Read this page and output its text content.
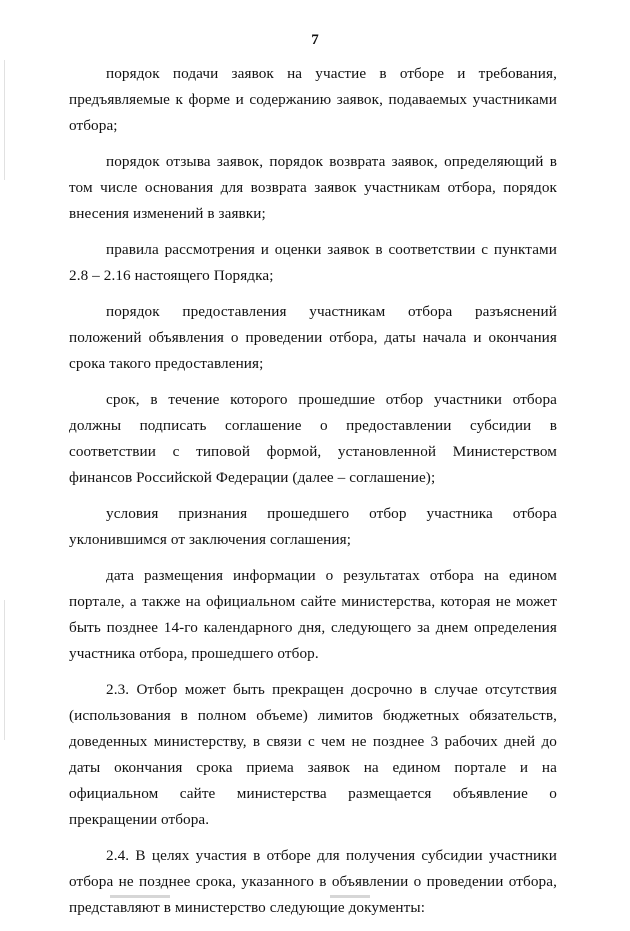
7

порядок подачи заявок на участие в отборе и требования, предъявляемые к форме и содержанию заявок, подаваемых участниками отбора;

порядок отзыва заявок, порядок возврата заявок, определяющий в том числе основания для возврата заявок участникам отбора, порядок внесения изменений в заявки;

правила рассмотрения и оценки заявок в соответствии с пунктами 2.8 – 2.16 настоящего Порядка;

порядок предоставления участникам отбора разъяснений положений объявления о проведении отбора, даты начала и окончания срока такого предоставления;

срок, в течение которого прошедшие отбор участники отбора должны подписать соглашение о предоставлении субсидии в соответствии с типовой формой, установленной Министерством финансов Российской Федерации (далее – соглашение);

условия признания прошедшего отбор участника отбора уклонившимся от заключения соглашения;

дата размещения информации о результатах отбора на едином портале, а также на официальном сайте министерства, которая не может быть позднее 14-го календарного дня, следующего за днем определения участника отбора, прошедшего отбор.

2.3. Отбор может быть прекращен досрочно в случае отсутствия (использования в полном объеме) лимитов бюджетных обязательств, доведенных министерству, в связи с чем не позднее 3 рабочих дней до даты окончания срока приема заявок на едином портале и на официальном сайте министерства размещается объявление о прекращении отбора.

2.4. В целях участия в отборе для получения субсидии участники отбора не позднее срока, указанного в объявлении о проведении отбора, представляют в министерство следующие документы:
